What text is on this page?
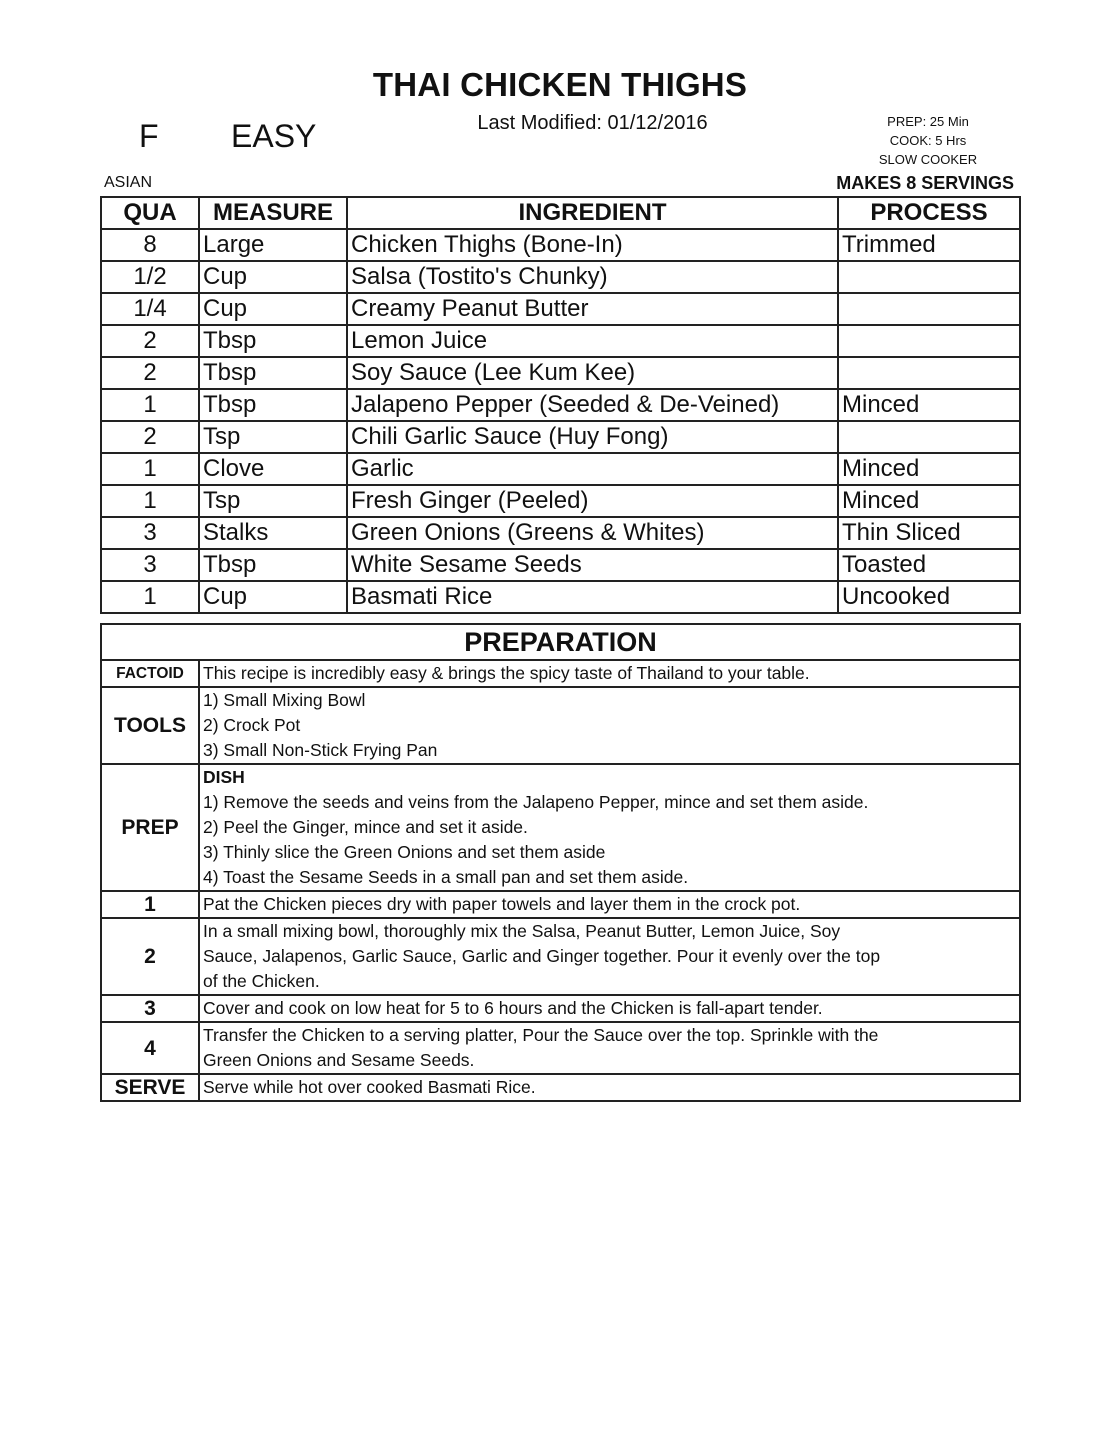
THAI CHICKEN THIGHS
Last Modified: 01/12/2016
F EASY	PREP: 25 Min
COOK: 5 Hrs
SLOW COOKER
ASIAN	MAKES 8 SERVINGS
QUA	MEASURE	INGREDIENT	PROCESS
8	Large	Chicken Thighs (Bone-In)	Trimmed
1/2	Cup	Salsa (Tostito's Chunky)	
1/4	Cup	Creamy Peanut Butter	
2	Tbsp	Lemon Juice	
2	Tbsp	Soy Sauce (Lee Kum Kee)	
1	Tbsp	Jalapeno Pepper (Seeded & De-Veined)	Minced
2	Tsp	Chili Garlic Sauce (Huy Fong)	
1	Clove	Garlic	Minced
1	Tsp	Fresh Ginger (Peeled)	Minced
3	Stalks	Green Onions (Greens & Whites)	Thin Sliced
3	Tbsp	White Sesame Seeds	Toasted
1	Cup	Basmati Rice	Uncooked
PREPARATION	
FACTOID	This recipe is incredibly easy & brings the spicy taste of Thailand to your table.
TOOLS	1) Small Mixing Bowl
2) Crock Pot
3) Small Non-Stick Frying Pan

PREP	DISH
1) Remove the seeds and veins from the Jalapeno Pepper, mince and set them aside.
2) Peel the Ginger, mince and set it aside.
3) Thinly slice the Green Onions and set them aside
4) Toast the Sesame Seeds in a small pan and set them aside.

1	Pat the Chicken pieces dry with paper towels and layer them in the crock pot.

2	In a small mixing bowl, thoroughly mix the Salsa, Peanut Butter, Lemon Juice, Soy
Sauce, Jalapenos, Garlic Sauce, Garlic and Ginger together. Pour it evenly over the top
of the Chicken.

3	Cover and cook on low heat for 5 to 6 hours and the Chicken is fall-apart tender.

4	Transfer the Chicken to a serving platter, Pour the Sauce over the top. Sprinkle with the
Green Onions and Sesame Seeds.

SERVE	Serve while hot over cooked Basmati Rice.
